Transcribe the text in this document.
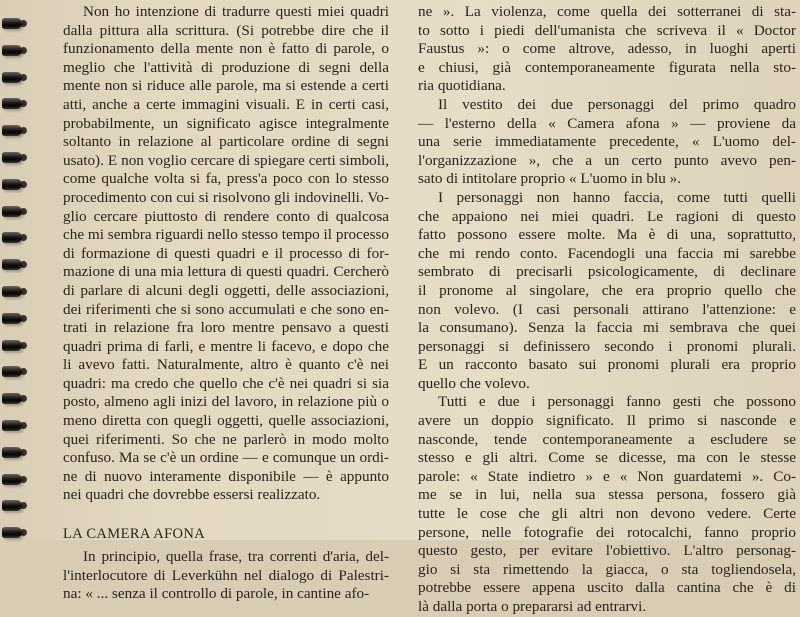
Non ho intenzione di tradurre questi miei quadri
dalla pittura alla scrittura. (Si potrebbe dire che il
funzionamento della mente non è fatto di parole, o
meglio che l'attività di produzione di segni della
mente non si riduce alle parole, ma si estende a certi
atti, anche a certe immagini visuali. E in certi casi,
probabilmente, un significato agisce integralmente
soltanto in relazione al particolare ordine di segni
usato). E non voglio cercare di spiegare certi simboli,
come qualche volta si fa, press'a poco con lo stesso
procedimento con cui si risolvono gli indovinelli. Vo-
glio cercare piuttosto di rendere conto di qualcosa
che mi sembra riguardi nello stesso tempo il processo
di formazione di questi quadri e il processo di for-
mazione di una mia lettura di questi quadri. Cercherò
di parlare di alcuni degli oggetti, delle associazioni,
dei riferimenti che si sono accumulati e che sono en-
trati in relazione fra loro mentre pensavo a questi
quadri prima di farli, e mentre li facevo, e dopo che
li avevo fatti. Naturalmente, altro è quanto c'è nei
quadri: ma credo che quello che c'è nei quadri si sia
posto, almeno agli inizi del lavoro, in relazione più o
meno diretta con quegli oggetti, quelle associazioni,
quei riferimenti. So che ne parlerò in modo molto
confuso. Ma se c'è un ordine — e comunque un ordi-
ne di nuovo interamente disponibile — è appunto
nei quadri che dovrebbe essersi realizzato.
LA CAMERA AFONA
In principio, quella frase, tra correnti d'aria, del-
l'interlocutore di Leverkühn nel dialogo di Palestri-
na: « ... senza il controllo di parole, in cantine afo-
ne ». La violenza, come quella dei sotterranei di sta-
to sotto i piedi dell'umanista che scriveva il « Doctor
Faustus »: o come altrove, adesso, in luoghi aperti
e chiusi, già contemporaneamente figurata nella sto-
ria quotidiana.
Il vestito dei due personaggi del primo quadro
— l'esterno della « Camera afona » — proviene da
una serie immediatamente precedente, « L'uomo del-
l'organizzazione », che a un certo punto avevo pen-
sato di intitolare proprio « L'uomo in blu ».
I personaggi non hanno faccia, come tutti quelli
che appaiono nei miei quadri. Le ragioni di questo
fatto possono essere molte. Ma è di una, soprattutto,
che mi rendo conto. Facendogli una faccia mi sarebbe
sembrato di precisarli psicologicamente, di declinare
il pronome al singolare, che era proprio quello che
non volevo. (I casi personali attirano l'attenzione: e
la consumano). Senza la faccia mi sembrava che quei
personaggi si definissero secondo i pronomi plurali.
E un racconto basato sui pronomi plurali era proprio
quello che volevo.
Tutti e due i personaggi fanno gesti che possono
avere un doppio significato. Il primo si nasconde e
nasconde, tende contemporaneamente a escludere se
stesso e gli altri. Come se dicesse, ma con le stesse
parole: « State indietro » e « Non guardatemi ». Co-
me se in lui, nella sua stessa persona, fossero già
tutte le cose che gli altri non devono vedere. Certe
persone, nelle fotografie dei rotocalchi, fanno proprio
questo gesto, per evitare l'obiettivo. L'altro personag-
gio si sta rimettendo la giacca, o sta togliendosela,
potrebbe essere appena uscito dalla cantina che è di
là dalla porta o prepararsi ad entrarvi.
